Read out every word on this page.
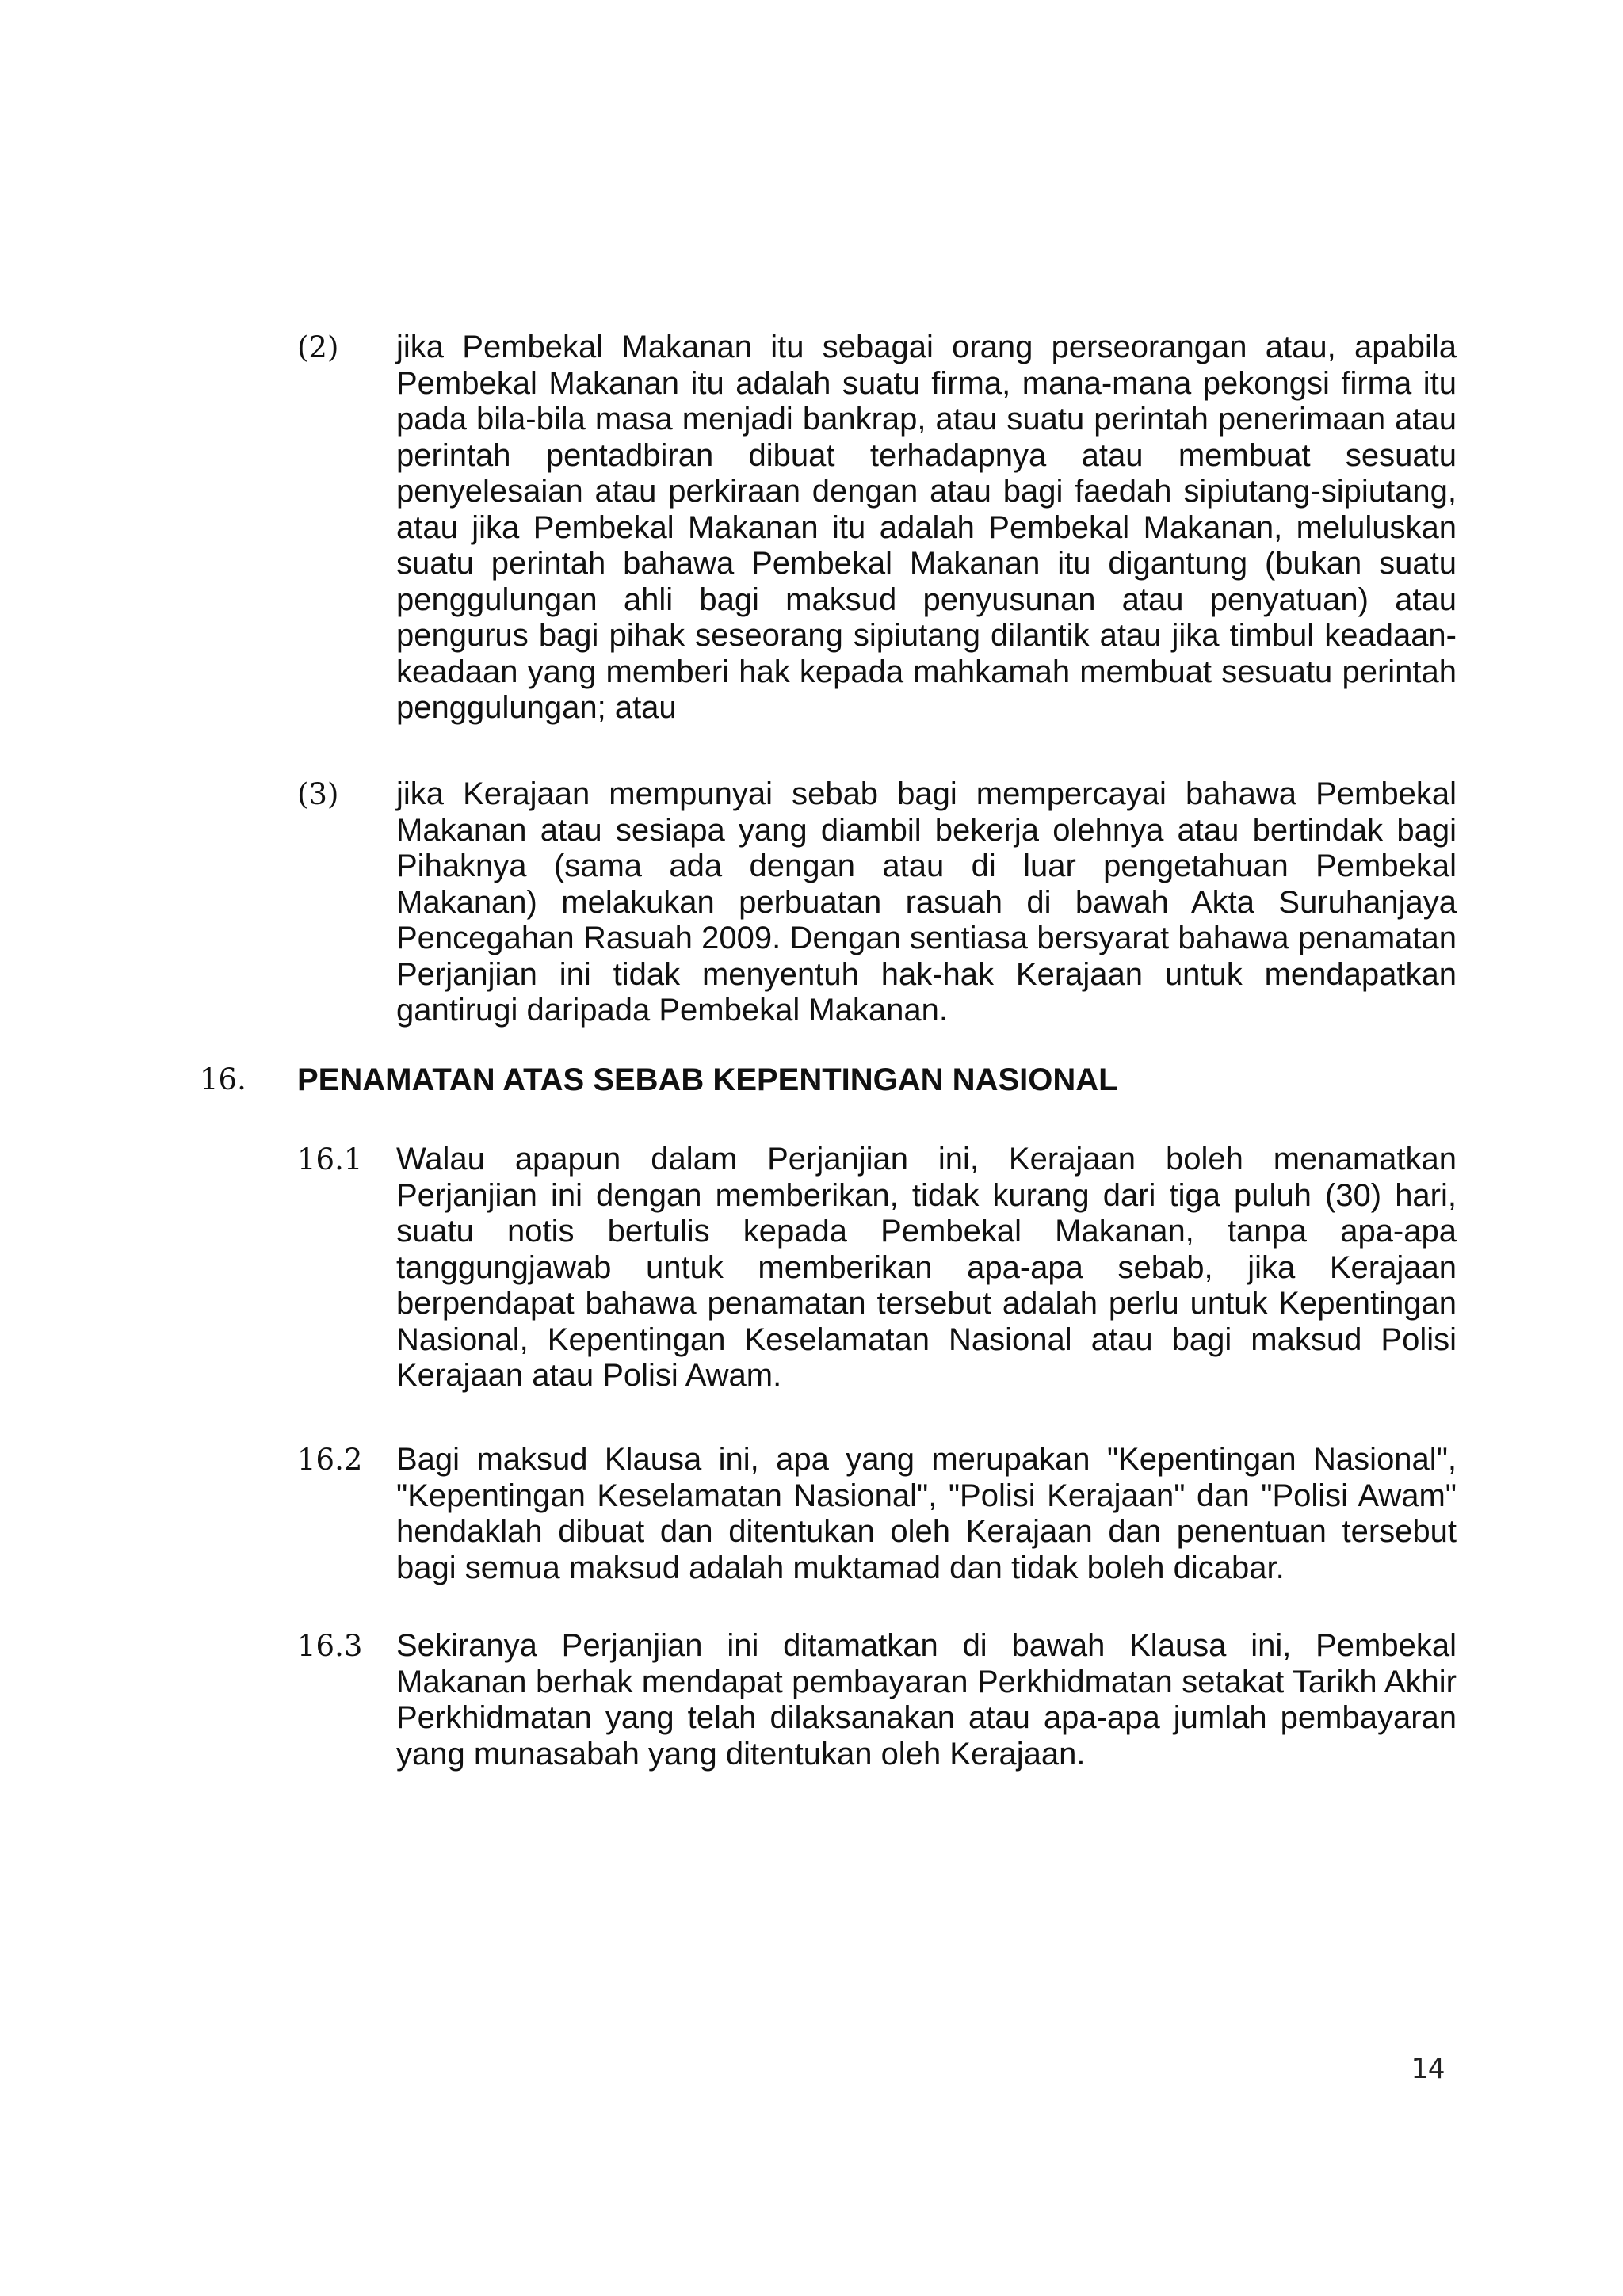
(2) jika Pembekal Makanan itu sebagai orang perseorangan atau, apabila Pembekal Makanan itu adalah suatu firma, mana-mana pekongsi firma itu pada bila-bila masa menjadi bankrap, atau suatu perintah penerimaan atau perintah pentadbiran dibuat terhadapnya atau membuat sesuatu penyelesaian atau perkiraan dengan atau bagi faedah sipiutang-sipiutang, atau jika Pembekal Makanan itu adalah Pembekal Makanan, meluluskan suatu perintah bahawa Pembekal Makanan itu digantung (bukan suatu penggulungan ahli bagi maksud penyusunan atau penyatuan) atau pengurus bagi pihak seseorang sipiutang dilantik atau jika timbul keadaan-keadaan yang memberi hak kepada mahkamah membuat sesuatu perintah penggulungan; atau

(3) jika Kerajaan mempunyai sebab bagi mempercayai bahawa Pembekal Makanan atau sesiapa yang diambil bekerja olehnya atau bertindak bagi Pihaknya (sama ada dengan atau di luar pengetahuan Pembekal Makanan) melakukan perbuatan rasuah di bawah Akta Suruhanjaya Pencegahan Rasuah 2009. Dengan sentiasa bersyarat bahawa penamatan Perjanjian ini tidak menyentuh hak-hak Kerajaan untuk mendapatkan gantirugi daripada Pembekal Makanan.

16. PENAMATAN ATAS SEBAB KEPENTINGAN NASIONAL
16.1 Walau apapun dalam Perjanjian ini, Kerajaan boleh menamatkan Perjanjian ini dengan memberikan, tidak kurang dari tiga puluh (30) hari, suatu notis bertulis kepada Pembekal Makanan, tanpa apa-apa tanggungjawab untuk memberikan apa-apa sebab, jika Kerajaan berpendapat bahawa penamatan tersebut adalah perlu untuk Kepentingan Nasional, Kepentingan Keselamatan Nasional atau bagi maksud Polisi Kerajaan atau Polisi Awam.

16.2 Bagi maksud Klausa ini, apa yang merupakan "Kepentingan Nasional", "Kepentingan Keselamatan Nasional", "Polisi Kerajaan" dan "Polisi Awam" hendaklah dibuat dan ditentukan oleh Kerajaan dan penentuan tersebut bagi semua maksud adalah muktamad dan tidak boleh dicabar.

16.3 Sekiranya Perjanjian ini ditamatkan di bawah Klausa ini, Pembekal Makanan berhak mendapat pembayaran Perkhidmatan setakat Tarikh Akhir Perkhidmatan yang telah dilaksanakan atau apa-apa jumlah pembayaran yang munasabah yang ditentukan oleh Kerajaan.

14
